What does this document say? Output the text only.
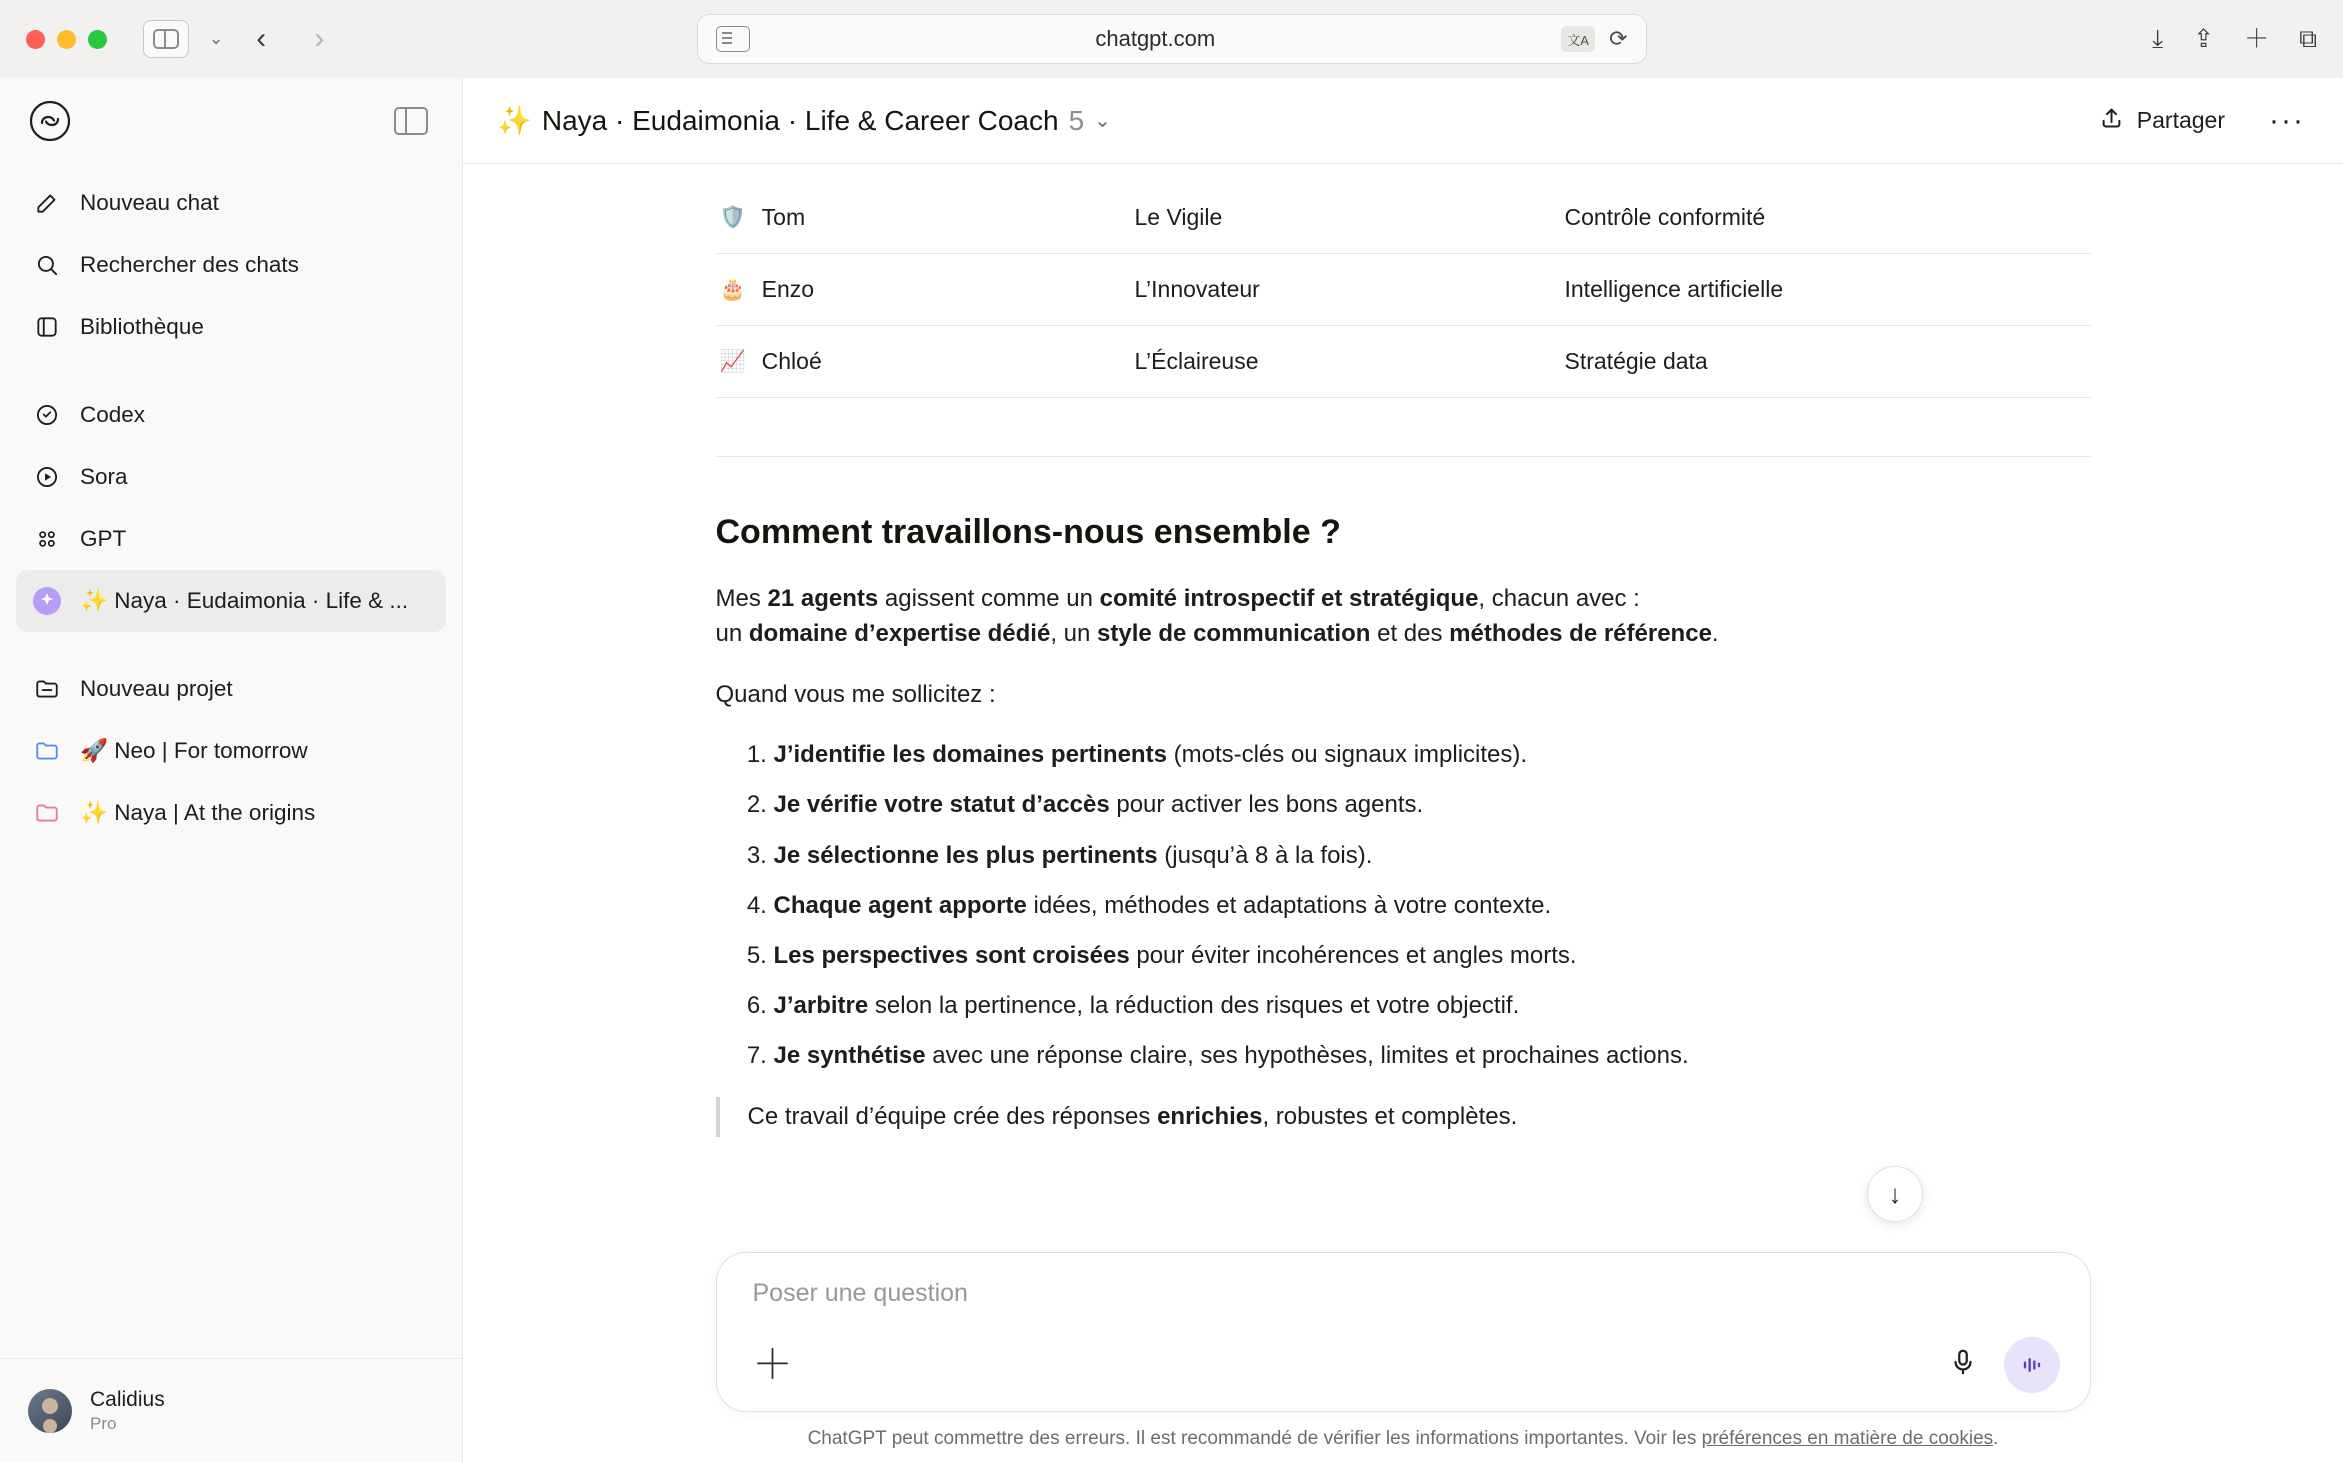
⌄	‹	›	chatgpt.com	文A ⟳	⤓ ⇪ ＋ ⧉
Nouveau chat
Rechercher des chats
Bibliothèque
Codex
Sora
GPT
✨ Naya · Eudaimonia · Life & ...
Nouveau projet
🚀 Neo | For tomorrow
✨ Naya | At the origins
Calidius
Pro
✨ Naya · Eudaimonia · Life & Career Coach 5 ⌄	Partager ···
🛡️ Tom	Le Vigile	Contrôle conformité

🎂 Enzo	L’Innovateur	Intelligence artificielle

📈 Chloé	L’Éclaireuse	Stratégie data
Comment travaillons-nous ensemble ?

Mes 21 agents agissent comme un comité introspectif et stratégique, chacun avec :
un domaine d’expertise dédié, un style de communication et des méthodes de référence.

Quand vous me sollicitez :

1. J’identifie les domaines pertinents (mots-clés ou signaux implicites).
2. Je vérifie votre statut d’accès pour activer les bons agents.
3. Je sélectionne les plus pertinents (jusqu’à 8 à la fois).
4. Chaque agent apporte idées, méthodes et adaptations à votre contexte.
5. Les perspectives sont croisées pour éviter incohérences et angles morts.
6. J’arbitre selon la pertinence, la réduction des risques et votre objectif.
7. Je synthétise avec une réponse claire, ses hypothèses, limites et prochaines actions.
Ce travail d’équipe crée des réponses enrichies, robustes et complètes.
↓
Poser une question
＋
ChatGPT peut commettre des erreurs. Il est recommandé de vérifier les informations importantes. Voir les préférences en matière de cookies.
